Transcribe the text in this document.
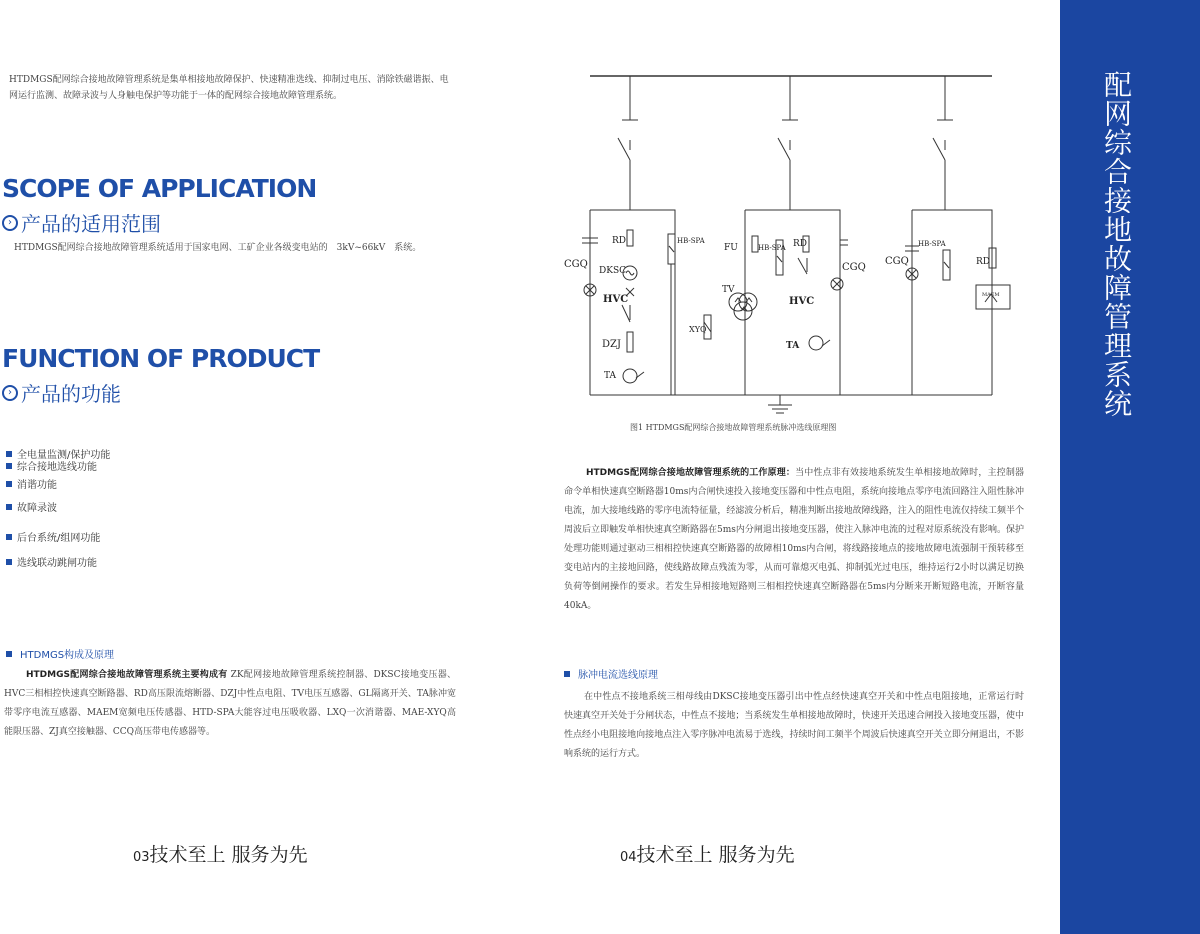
HTDMGS配网综合接地故障管理系统是集单相接地故障保护、快速精准选线、抑制过电压、消除铁磁谐振、电网运行监测、故障录波与人身触电保护等功能于一体的配网综合接地故障管理系统。
SCOPE OF APPLICATION
› 产品的适用范围
HTDMGS配网综合接地故障管理系统适用于国家电网、工矿企业各级变电站的　3kV~66kV　系统。
FUNCTION OF PRODUCT
› 产品的功能
全电量监测/保护功能
综合接地选线功能
消谐功能
故障录波
后台系统/组网功能
选线联动跳闸功能
HTDMGS构成及原理
HTDMGS配网综合接地故障管理系统主要构成有 ZK配网接地故障管理系统控制器、DKSC接地变压器、HVC三相相控快速真空断路器、RD高压限流熔断器、DZJ中性点电阻、TV电压互感器、GL隔离开关、TA脉冲宽带零序电流互感器、MAEM宽频电压传感器、HTD-SPA大能容过电压吸收器、LXQ一次消谐器、MAE-XYQ高能限压器、ZJ真空接触器、CCQ高压带电传感器等。
03技术至上 服务为先
CGQ
RD
DKSC
HVC
DZJ
TA
HB-SPA
FU	HB-SPA RD
TV
XYQ
HVC
TA
CGQ
CGQ
HB-SPA
RD
MAEM
图1 HTDMGS配网综合接地故障管理系统脉冲选线原理图
HTDMGS配网综合接地故障管理系统的工作原理：当中性点非有效接地系统发生单相接地故障时，主控制器命令单相快速真空断路器10ms内合闸快速投入接地变压器和中性点电阻，系统向接地点零序电流回路注入阻性脉冲电流，加大接地线路的零序电流特征量，经滤波分析后，精准判断出接地故障线路，注入的阻性电流仅持续工频半个周波后立即触发单相快速真空断路器在5ms内分闸退出接地变压器，使注入脉冲电流的过程对原系统没有影响。保护处理功能则通过驱动三相相控快速真空断路器的故障相10ms内合闸，将线路接地点的接地故障电流强制干预转移至变电站内的主接地回路，使线路故障点残流为零，从而可靠熄灭电弧、抑制弧光过电压，维持运行2小时以满足切换负荷等倒闸操作的要求。若发生异相接地短路则三相相控快速真空断路器在5ms内分断来开断短路电流，开断容量　40kA。
脉冲电流选线原理
在中性点不接地系统三相母线由DKSC接地变压器引出中性点经快速真空开关和中性点电阻接地，正常运行时快速真空开关处于分闸状态，中性点不接地；当系统发生单相接地故障时，快速开关迅速合闸投入接地变压器，使中性点经小电阻接地向接地点注入零序脉冲电流易于选线，持续时间工频半个周波后快速真空开关立即分闸退出，不影响系统的运行方式。
04技术至上 服务为先
配网综合接地故障管理系统
